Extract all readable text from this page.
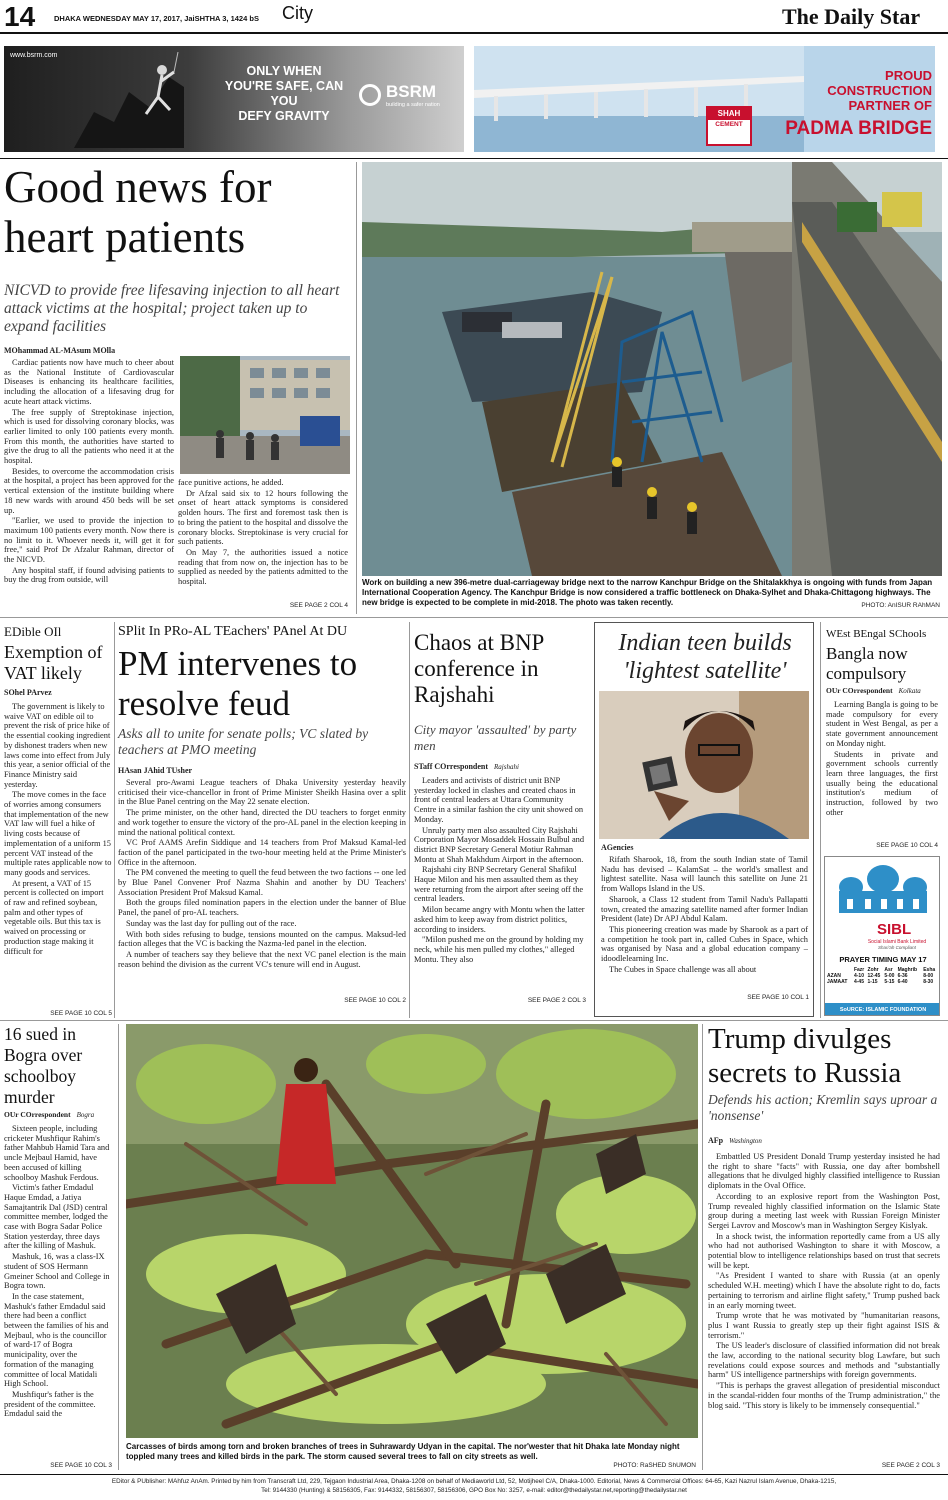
14	DHAKA WEDNESDAY MAY 17, 2017, JaiSHTHA 3, 1424 bS City	The Daily Star
www.bsrm.com
ONLY WHEN
YOU'RE SAFE, CAN YOU
DEFY GRAVITY
BSRM
building a safer nation
SHAH
CEMENT
PROUD
CONSTRUCTION
PARTNER OF
PADMA BRIDGE
Good news for heart patients
NICVD to provide free lifesaving injection to all heart attack victims at the hospital; project taken up to expand facilities
MOhammad AL-MAsum MOlla

Cardiac patients now have much to cheer about as the National Institute of Cardiovascular Diseases is enhancing its healthcare facilities, including the allocation of a lifesaving drug for acute heart attack victims.

The free supply of Streptokinase injection, which is used for dissolving coronary blocks, was earlier limited to only 100 patients every month. From this month, the authorities have started to give the drug to all the patients who need it at the hospital.

Besides, to overcome the accommodation crisis at the hospital, a project has been approved for the vertical extension of the institute building where 18 new wards with around 450 beds will be set up.

"Earlier, we used to provide the injection to maximum 100 patients every month. Now there is no limit to it. Whoever needs it, will get it for free," said Prof Dr Afzalur Rahman, director of the NICVD.

Any hospital staff, if found advising patients to buy the drug from outside, will

face punitive actions, he added.

Dr Afzal said six to 12 hours following the onset of heart attack symptoms is considered golden hours. The first and foremost task then is to bring the patient to the hospital and dissolve the coronary blocks. Streptokinase is very crucial for such patients.

On May 7, the authorities issued a notice reading that from now on, the injection has to be supplied as needed by the patients admitted to the hospital.

SEE PAGE 2 COL 4
Work on building a new 396-metre dual-carriageway bridge next to the narrow Kanchpur Bridge on the Shitalakkhya is ongoing with funds from Japan International Cooperation Agency. The Kanchpur Bridge is now considered a traffic bottleneck on Dhaka-Sylhet and Dhaka-Chittagong highways. The new bridge is expected to be complete in mid-2018. The photo was taken recently.	PHOTO: AnISUR RAhMAN
EDible OIl
Exemption of VAT likely
SOhel PArvez

The government is likely to waive VAT on edible oil to prevent the risk of price hike of the essential cooking ingredient by dishonest traders when new laws come into effect from July this year, a senior official of the Finance Ministry said yesterday.

The move comes in the face of worries among consumers that implementation of the new VAT law will fuel a hike of living costs because of implementation of a uniform 15 percent VAT instead of the multiple rates applicable now to many goods and services.

At present, a VAT of 15 percent is collected on import of raw and refined soybean, palm and other types of vegetable oils. But this tax is waived on processing or production stage making it difficult for

SEE PAGE 10 COL 5
SPlit In PRo-AL TEachers' PAnel At DU
PM intervenes to resolve feud
Asks all to unite for senate polls; VC slated by teachers at PMO meeting
HAsan JAhid TUsher

Several pro-Awami League teachers of Dhaka University yesterday heavily criticised their vice-chancellor in front of Prime Minister Sheikh Hasina over a split in the Blue Panel centring on the May 22 senate election.

The prime minister, on the other hand, directed the DU teachers to forget enmity and work together to ensure the victory of the pro-AL panel in the election keeping in mind the national political context.

VC Prof AAMS Arefin Siddique and 14 teachers from Prof Maksud Kamal-led faction of the panel participated in the two-hour meeting held at the Prime Minister's Office in the afternoon.

The PM convened the meeting to quell the feud between the two factions -- one led by Blue Panel Convener Prof Nazma Shahin and another by DU Teachers' Association President Prof Maksud Kamal.

Both the groups filed nomination papers in the election under the banner of Blue Panel, the panel of pro-AL teachers.

Sunday was the last day for pulling out of the race.

With both sides refusing to budge, tensions mounted on the campus. Maksud-led faction alleges that the VC is backing the Nazma-led panel in the election.

A number of teachers say they believe that the next VC panel election is the main reason behind the division as the current VC's tenure will end in August.

SEE PAGE 10 COL 2
Chaos at BNP conference in Rajshahi
City mayor 'assaulted' by party men
STaff COrrespondent Rajshahi

Leaders and activists of district unit BNP yesterday locked in clashes and created chaos in front of central leaders at Uttara Community Centre in a similar fashion the city unit showed on Monday.

Unruly party men also assaulted City Rajshahi Corporation Mayor Mosaddek Hossain Bulbul and district BNP Secretary General Motiur Rahman Montu at Shah Makhdum Airport in the afternoon.

Rajshahi city BNP Secretary General Shafikul Haque Milon and his men assaulted them as they were returning from the airport after seeing off the central leaders.

Milon became angry with Montu when the latter asked him to keep away from district politics, according to insiders.

"Milon pushed me on the ground by holding my neck, while his men pulled my clothes," alleged Montu. They also

SEE PAGE 2 COL 3
Indian teen builds 'lightest satellite'
AGencies

Rifath Sharook, 18, from the south Indian state of Tamil Nadu has devised – KalamSat – the world's smallest and lightest satellite. Nasa will launch this satellite on June 21 from Wallops Island in the US.

Sharook, a Class 12 student from Tamil Nadu's Pallapatti town, created the amazing satellite named after former Indian President (late) Dr APJ Abdul Kalam.

This pioneering creation was made by Sharook as a part of a competition he took part in, called Cubes in Space, which was organised by Nasa and a global education company – idoodlelearning Inc.

The Cubes in Space challenge was all about

SEE PAGE 10 COL 1
WEst BEngal SChools
Bangla now compulsory
OUr COrrespondent Kolkata

Learning Bangla is going to be made compulsory for every student in West Bengal, as per a state government announcement on Monday night.

Students in private and government schools currently learn three languages, the first usually being the educational institution's medium of instruction, followed by two other

SEE PAGE 10 COL 4
SIBL
Social Islami Bank Limited
Shari'ah Compliant
PRAYER TIMING MAY 17
	Fazr	Zohr	Asr	Maghrib	Esha
AZAN	4-10	12-45	5-00	6-36	8-00
JAMAAT	4-45	1-15	5-15	6-40	8-30
SoURCE: ISLAMIC FOUNDATION
16 sued in Bogra over schoolboy murder
OUr COrrespondent Bogra

Sixteen people, including cricketer Mushfiqur Rahim's father Mahbub Hamid Tara and uncle Mejbaul Hamid, have been accused of killing schoolboy Mashuk Ferdous.

Victim's father Emdadul Haque Emdad, a Jatiya Samajtantrik Dal (JSD) central committee member, lodged the case with Bogra Sadar Police Station yesterday, three days after the killing of Mashuk.

Mashuk, 16, was a class-IX student of SOS Hermann Gmeiner School and College in Bogra town.

In the case statement, Mashuk's father Emdadul said there had been a conflict between the families of his and Mejbaul, who is the councillor of ward-17 of Bogra municipality, over the formation of the managing committee of local Matidali High School.

Mushfiqur's father is the president of the committee. Emdadul said the

SEE PAGE 10 COL 3
Carcasses of birds among torn and broken branches of trees in Suhrawardy Udyan in the capital. The nor'wester that hit Dhaka late Monday night toppled many trees and killed birds in the park. The storm caused several trees to fall on city streets as well.
PHOTO: RaSHED ShUMON
Trump divulges secrets to Russia
Defends his action; Kremlin says uproar a 'nonsense'
AFp Washington

Embattled US President Donald Trump yesterday insisted he had the right to share "facts" with Russia, one day after bombshell allegations that he divulged highly classified intelligence to Russian diplomats in the Oval Office.

According to an explosive report from the Washington Post, Trump revealed highly classified information on the Islamic State group during a meeting last week with Russian Foreign Minister Sergei Lavrov and Moscow's man in Washington Sergey Kislyak.

In a shock twist, the information reportedly came from a US ally who had not authorised Washington to share it with Moscow, a potential blow to intelligence relationships based on trust that secrets will be kept.

"As President I wanted to share with Russia (at an openly scheduled W.H. meeting) which I have the absolute right to do, facts pertaining to terrorism and airline flight safety," Trump pushed back in an early morning tweet.

Trump wrote that he was motivated by "humanitarian reasons, plus I want Russia to greatly step up their fight against ISIS & terrorism."

The US leader's disclosure of classified information did not break the law, according to the national security blog Lawfare, but such revelations could expose sources and methods and "substantially harm" US intelligence partnerships with foreign governments.

"This is perhaps the gravest allegation of presidential misconduct in the scandal-ridden four months of the Trump administration," the blog said. "This story is likely to be immensely consequential."

SEE PAGE 2 COL 3
EDitor & PUblisher: MAhfuz AnAm. Printed by him from Transcraft Ltd, 229, Tejgaon Industrial Area, Dhaka-1208 on behalf of Mediaworld Ltd, 52, Motijheel C/A, Dhaka-1000. Editorial, News & Commercial Offices: 64-65, Kazi Nazrul Islam Avenue, Dhaka-1215,
Tel: 9144330 (Hunting) & 58156305, Fax: 9144332, 58156307, 58156306, GPO Box No: 3257, e-mail: editor@thedailystar.net,reporting@thedailystar.net
